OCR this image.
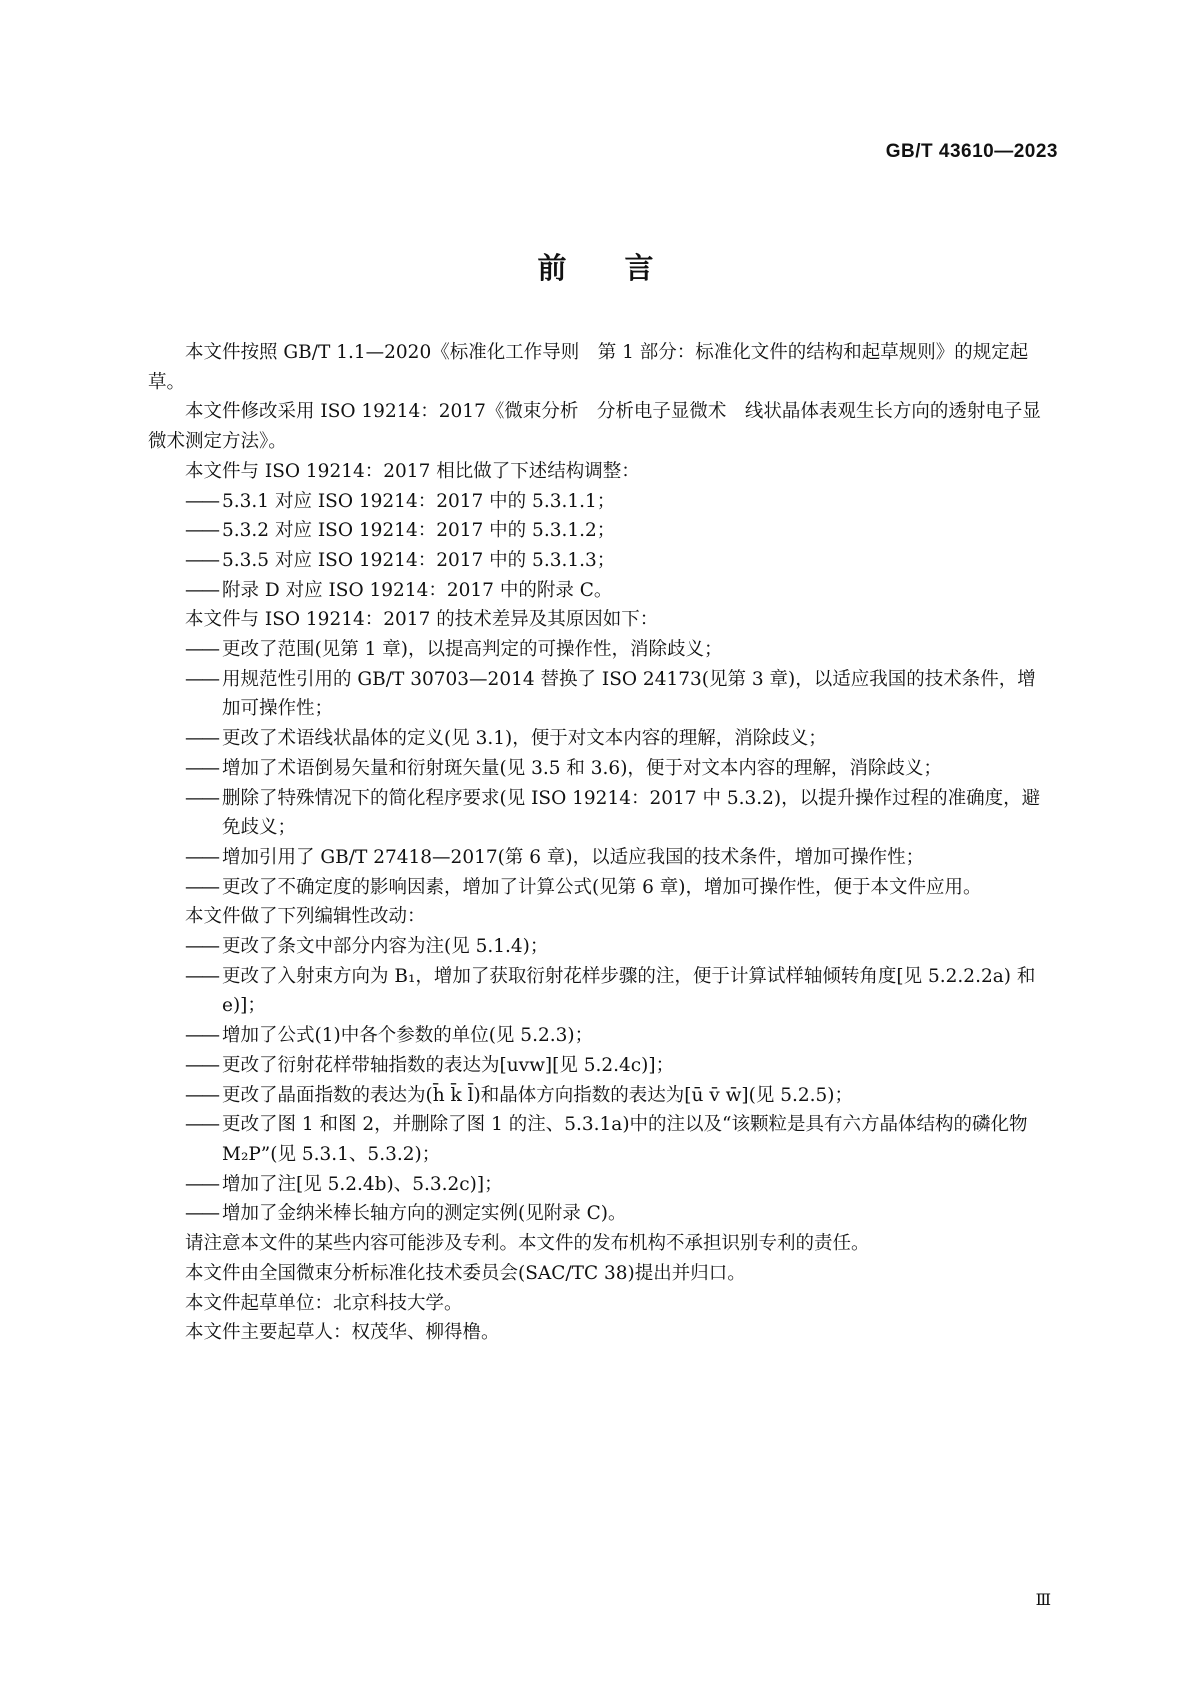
GB/T 43610—2023
前言

本文件按照 GB/T 1.1—2020《标准化工作导则　第 1 部分：标准化文件的结构和起草规则》的规定起草。

本文件修改采用 ISO 19214：2017《微束分析　分析电子显微术　线状晶体表观生长方向的透射电子显微术测定方法》。

本文件与 ISO 19214：2017 相比做了下述结构调整：

—— 5.3.1 对应 ISO 19214：2017 中的 5.3.1.1；

—— 5.3.2 对应 ISO 19214：2017 中的 5.3.1.2；

—— 5.3.5 对应 ISO 19214：2017 中的 5.3.1.3；

—— 附录 D 对应 ISO 19214：2017 中的附录 C。

本文件与 ISO 19214：2017 的技术差异及其原因如下：

—— 更改了范围(见第 1 章)，以提高判定的可操作性，消除歧义；

—— 用规范性引用的 GB/T 30703—2014 替换了 ISO 24173(见第 3 章)，以适应我国的技术条件，增加可操作性；

—— 更改了术语线状晶体的定义(见 3.1)，便于对文本内容的理解，消除歧义；

—— 增加了术语倒易矢量和衍射斑矢量(见 3.5 和 3.6)，便于对文本内容的理解，消除歧义；

—— 删除了特殊情况下的简化程序要求(见 ISO 19214：2017 中 5.3.2)，以提升操作过程的准确度，避免歧义；

—— 增加引用了 GB/T 27418—2017(第 6 章)，以适应我国的技术条件，增加可操作性；

—— 更改了不确定度的影响因素，增加了计算公式(见第 6 章)，增加可操作性，便于本文件应用。

本文件做了下列编辑性改动：

—— 更改了条文中部分内容为注(见 5.1.4)；

—— 更改了入射束方向为 B₁，增加了获取衍射花样步骤的注，便于计算试样轴倾转角度[见 5.2.2.2a) 和 e)]；

—— 增加了公式(1)中各个参数的单位(见 5.2.3)；

—— 更改了衍射花样带轴指数的表达为[uvw][见 5.2.4c)]；

—— 更改了晶面指数的表达为(h̄ k̄ l̄)和晶体方向指数的表达为[ū v̄ w̄](见 5.2.5)；

—— 更改了图 1 和图 2，并删除了图 1 的注、5.3.1a)中的注以及“该颗粒是具有六方晶体结构的磷化物 M₂P”(见 5.3.1、5.3.2)；

—— 增加了注[见 5.2.4b)、5.3.2c)]；

—— 增加了金纳米棒长轴方向的测定实例(见附录 C)。

请注意本文件的某些内容可能涉及专利。本文件的发布机构不承担识别专利的责任。

本文件由全国微束分析标准化技术委员会(SAC/TC 38)提出并归口。

本文件起草单位：北京科技大学。

本文件主要起草人：权茂华、柳得橹。

Ⅲ
